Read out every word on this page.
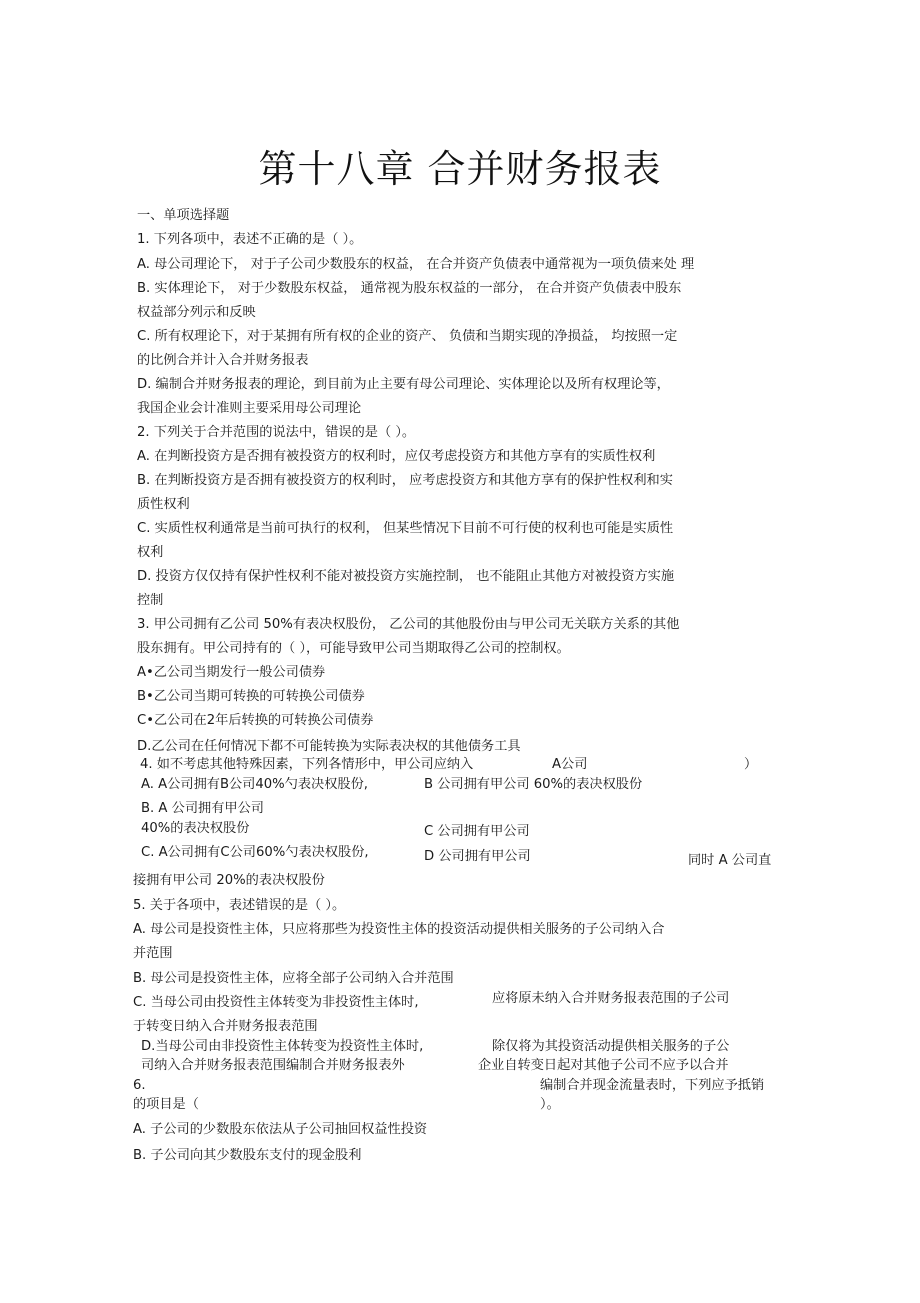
第十八章 合并财务报表
一、单项选择题
1. 下列各项中，表述不正确的是（ ）。
A. 母公司理论下， 对于子公司少数股东的权益， 在合并资产负债表中通常视为一项负债来处 理
B. 实体理论下， 对于少数股东权益， 通常视为股东权益的一部分， 在合并资产负债表中股东
权益部分列示和反映
C. 所有权理论下，对于某拥有所有权的企业的资产、 负债和当期实现的净损益， 均按照一定
的比例合并计入合并财务报表
D. 编制合并财务报表的理论，到目前为止主要有母公司理论、实体理论以及所有权理论等，
我国企业会计准则主要采用母公司理论
2. 下列关于合并范围的说法中，错误的是（ ）。
A. 在判断投资方是否拥有被投资方的权利时，应仅考虑投资方和其他方享有的实质性权利
B. 在判断投资方是否拥有被投资方的权利时， 应考虑投资方和其他方享有的保护性权利和实
质性权利
C. 实质性权利通常是当前可执行的权利， 但某些情况下目前不可行使的权利也可能是实质性
权利
D. 投资方仅仅持有保护性权利不能对被投资方实施控制， 也不能阻止其他方对被投资方实施
控制
3. 甲公司拥有乙公司 50%有表决权股份， 乙公司的其他股份由与甲公司无关联方关系的其他
股东拥有。甲公司持有的（ ），可能导致甲公司当期取得乙公司的控制权。
A•乙公司当期发行一般公司债券
B•乙公司当期可转换的可转换公司债券
C•乙公司在2年后转换的可转换公司债券
D.乙公司在任何情况下都不可能转换为实际表决权的其他债务工具
4. 如不考虑其他特殊因素，下列各情形中，甲公司应纳入	A公司	）
A. A公司拥有B公司40%勺表决权股份,	B 公司拥有甲公司 60%的表决权股份
B. A 公司拥有甲公司
40%的表决权股份	C 公司拥有甲公司
C. A公司拥有C公司60%勺表决权股份,	D 公司拥有甲公司	同时 A 公司直
接拥有甲公司 20%的表决权股份
5. 关于各项中，表述错误的是（ ）。
A. 母公司是投资性主体，只应将那些为投资性主体的投资活动提供相关服务的子公司纳入合
并范围
B. 母公司是投资性主体，应将全部子公司纳入合并范围
C. 当母公司由投资性主体转变为非投资性主体时,	应将原未纳入合并财务报表范围的子公司
于转变日纳入合并财务报表范围
D.当母公司由非投资性主体转变为投资性主体时,	除仅将为其投资活动提供相关服务的子公
司纳入合并财务报表范围编制合并财务报表外	企业自转变日起对其他子公司不应予以合并
6.	编制合并现金流量表时，下列应予抵销
的项目是（	）。
A. 子公司的少数股东依法从子公司抽回权益性投资
B. 子公司向其少数股东支付的现金股利
